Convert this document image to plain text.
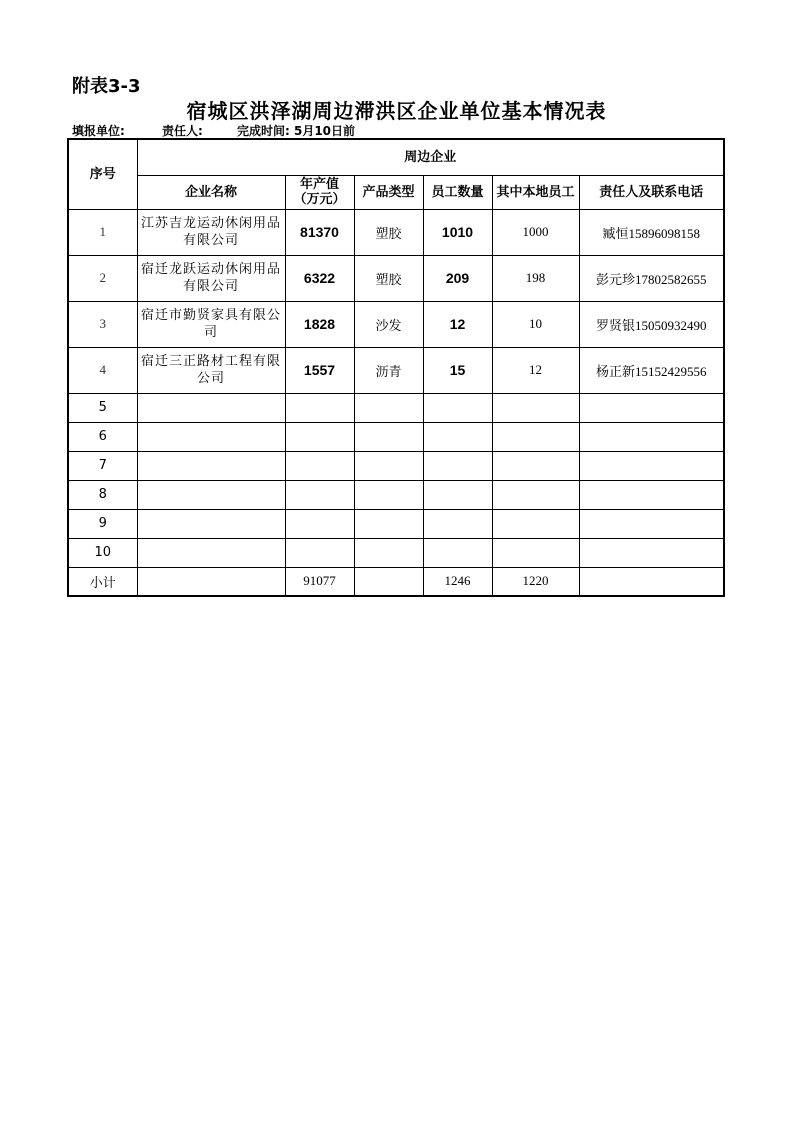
附表3-3
宿城区洪泽湖周边滞洪区企业单位基本情况表
填报单位:	责任人:	完成时间: 5月10日前
序号	周边企业					
	企业名称	年产值（万元）	产品类型	员工数量	其中本地员工	责任人及联系电话
1	江苏吉龙运动休闲用品有限公司	81370	塑胶	1010	1000	臧恒15896098158
2	宿迁龙跃运动休闲用品有限公司	6322	塑胶	209	198	彭元珍17802582655
3	宿迁市勤贤家具有限公司	1828	沙发	12	10	罗贤银15050932490
4	宿迁三正路材工程有限公司	1557	沥青	15	12	杨正新15152429556
5						
6						
7						
8						
9						
10						
小计		91077		1246	1220	
